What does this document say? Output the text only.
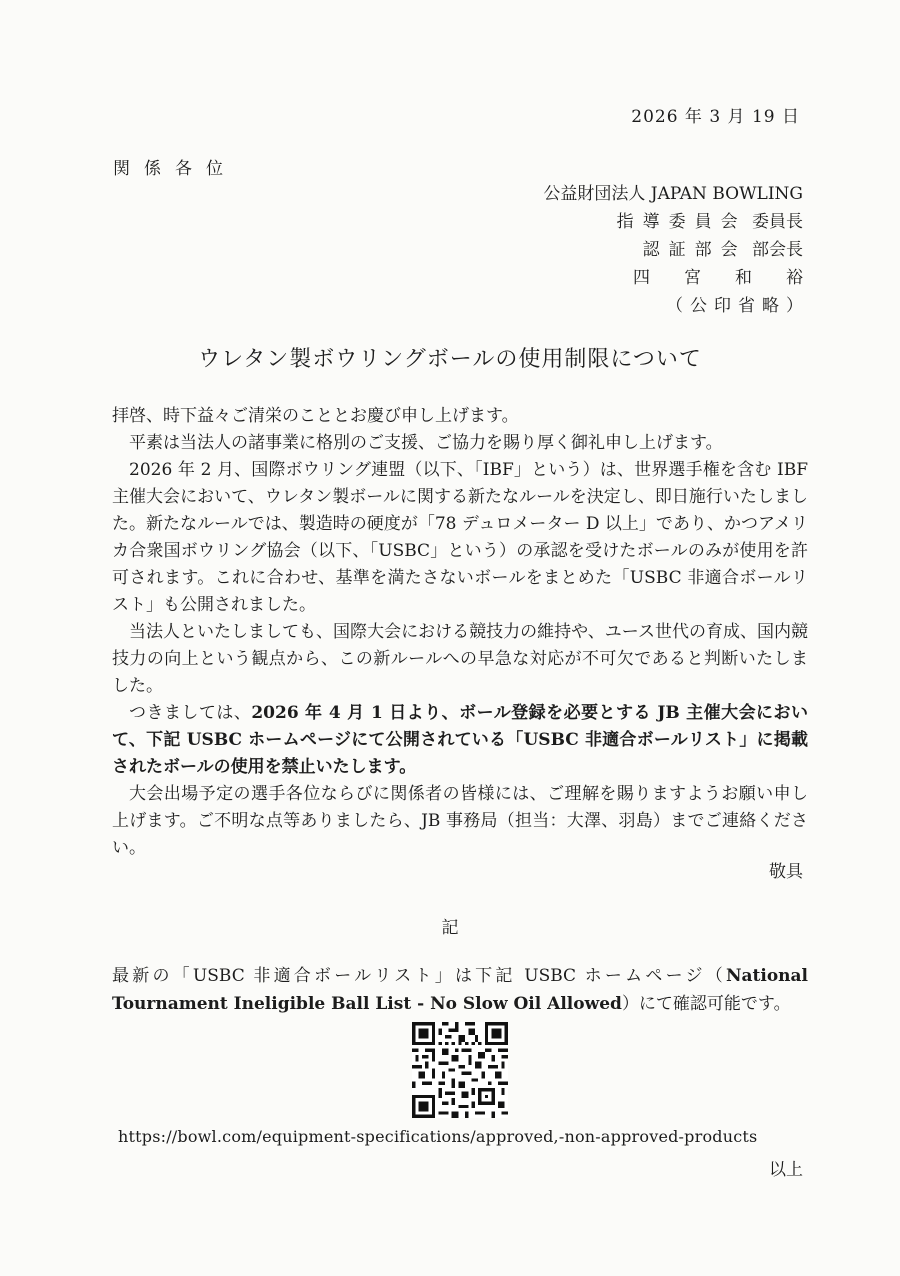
2026 年 3 月 19 日
関係各位
公益財団法人 JAPAN BOWLING
指導委員会 委員長
認証部会 部会長
四宮和裕
（公印省略）
ウレタン製ボウリングボールの使用制限について

拝啓、時下益々ご清栄のこととお慶び申し上げます。

平素は当法人の諸事業に格別のご支援、ご協力を賜り厚く御礼申し上げます。

2026 年 2 月、国際ボウリング連盟（以下、「IBF」という）は、世界選手権を含む IBF 主催大会において、ウレタン製ボールに関する新たなルールを決定し、即日施行いたしました。新たなルールでは、製造時の硬度が「78 デュロメーター D 以上」であり、かつアメリカ合衆国ボウリング協会（以下、「USBC」という）の承認を受けたボールのみが使用を許可されます。これに合わせ、基準を満たさないボールをまとめた「USBC 非適合ボールリスト」も公開されました。

当法人といたしましても、国際大会における競技力の維持や、ユース世代の育成、国内競技力の向上という観点から、この新ルールへの早急な対応が不可欠であると判断いたしました。

つきましては、2026 年 4 月 1 日より、ボール登録を必要とする JB 主催大会において、下記 USBC ホームページにて公開されている「USBC 非適合ボールリスト」に掲載されたボールの使用を禁止いたします。

大会出場予定の選手各位ならびに関係者の皆様には、ご理解を賜りますようお願い申し上げます。ご不明な点等ありましたら、JB 事務局（担当：大澤、羽島）までご連絡ください。

敬具
記
最新の「USBC 非適合ボールリスト」は下記 USBC ホームページ（National Tournament Ineligible Ball List - No Slow Oil Allowed）にて確認可能です。
https://bowl.com/equipment-specifications/approved,-non-approved-products
以上
